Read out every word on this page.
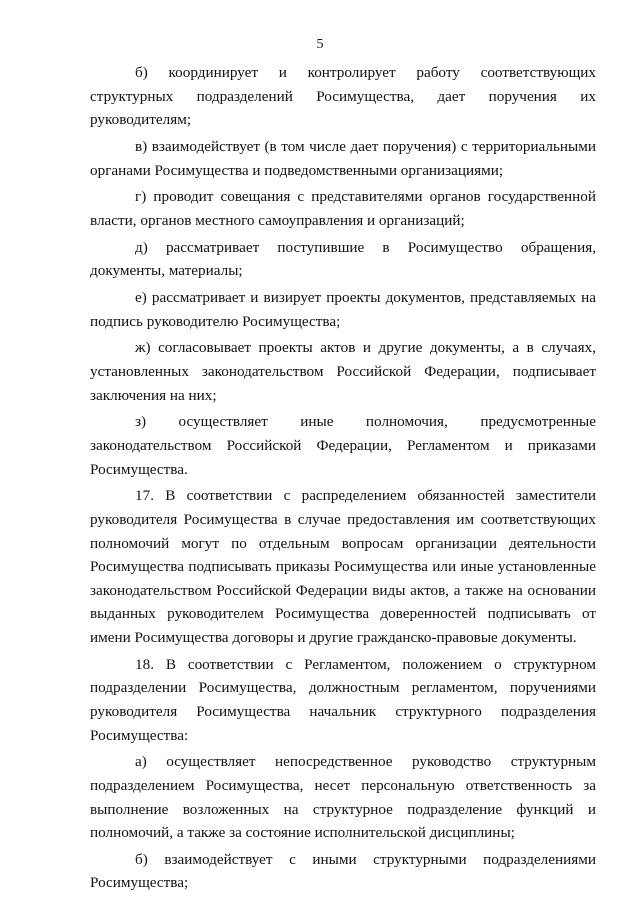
5

б) координирует и контролирует работу соответствующих структурных подразделений Росимущества, дает поручения их руководителям;

в) взаимодействует (в том числе дает поручения) с территориальными органами Росимущества и подведомственными организациями;

г) проводит совещания с представителями органов государственной власти, органов местного самоуправления и организаций;

д) рассматривает поступившие в Росимущество обращения, документы, материалы;

е) рассматривает и визирует проекты документов, представляемых на подпись руководителю Росимущества;

ж) согласовывает проекты актов и другие документы, а в случаях, установленных законодательством Российской Федерации, подписывает заключения на них;

з) осуществляет иные полномочия, предусмотренные законодательством Российской Федерации, Регламентом и приказами Росимущества.

17. В соответствии с распределением обязанностей заместители руководителя Росимущества в случае предоставления им соответствующих полномочий могут по отдельным вопросам организации деятельности Росимущества подписывать приказы Росимущества или иные установленные законодательством Российской Федерации виды актов, а также на основании выданных руководителем Росимущества доверенностей подписывать от имени Росимущества договоры и другие гражданско-правовые документы.

18. В соответствии с Регламентом, положением о структурном подразделении Росимущества, должностным регламентом, поручениями руководителя Росимущества начальник структурного подразделения Росимущества:

а) осуществляет непосредственное руководство структурным подразделением Росимущества, несет персональную ответственность за выполнение возложенных на структурное подразделение функций и полномочий, а также за состояние исполнительской дисциплины;

б) взаимодействует с иными структурными подразделениями Росимущества;
